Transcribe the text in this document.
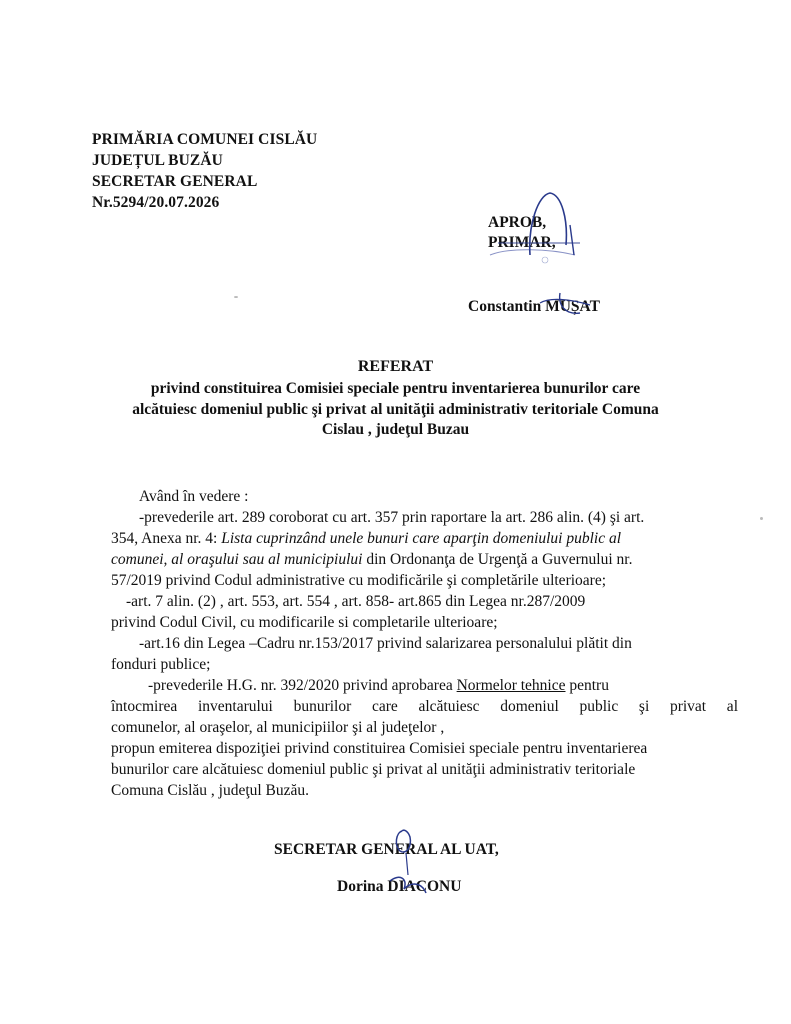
PRIMĂRIA COMUNEI CISLĂU
JUDEȚUL BUZĂU
SECRETAR GENERAL
Nr.5294/20.07.2026
APROB,
PRIMAR,
Constantin MUȘAT
REFERAT
privind constituirea Comisiei speciale pentru inventarierea bunurilor care
alcătuiesc domeniul public şi privat al unităţii administrativ teritoriale Comuna
Cislau , judeţul Buzau
Având în vedere :
-prevederile art. 289 coroborat cu art. 357 prin raportare la art. 286 alin. (4) şi art.
354, Anexa nr. 4: Lista cuprinzând unele bunuri care aparţin domeniului public al
comunei, al oraşului sau al municipiului din Ordonanţa de Urgenţă a Guvernului nr.
57/2019 privind Codul administrative cu modificările şi completările ulterioare;
-art. 7 alin. (2) , art. 553, art. 554 , art. 858- art.865 din Legea nr.287/2009
privind Codul Civil, cu modificarile si completarile ulterioare;
-art.16 din Legea –Cadru nr.153/2017 privind salarizarea personalului plătit din
fonduri publice;
-prevederile H.G. nr. 392/2020 privind aprobarea Normelor tehnice pentru
întocmirea inventarului bunurilor care alcătuiesc domeniul public şi privat al
comunelor, al oraşelor, al municipiilor şi al judeţelor ,
propun emiterea dispoziţiei privind constituirea Comisiei speciale pentru inventarierea
bunurilor care alcătuiesc domeniul public şi privat al unităţii administrativ teritoriale
Comuna Cislău , judeţul Buzău.
SECRETAR GENERAL AL UAT,
Dorina DIACONU
